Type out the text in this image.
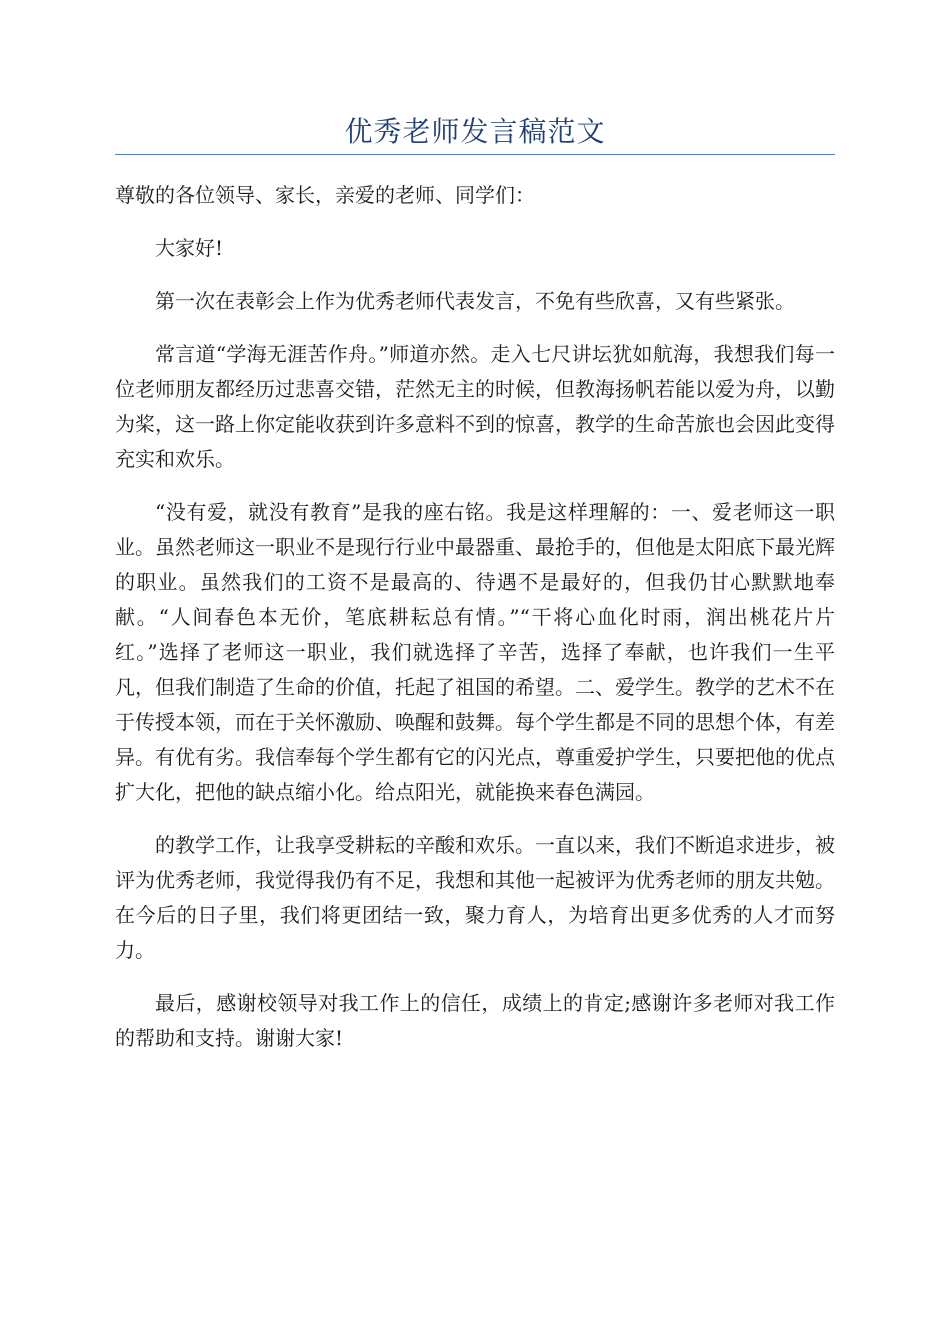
优秀老师发言稿范文

尊敬的各位领导、家长，亲爱的老师、同学们：

大家好!

第一次在表彰会上作为优秀老师代表发言，不免有些欣喜，又有些紧张。

常言道“学海无涯苦作舟。”师道亦然。走入七尺讲坛犹如航海，我想我们每一位老师朋友都经历过悲喜交错，茫然无主的时候，但教海扬帆若能以爱为舟，以勤为桨，这一路上你定能收获到许多意料不到的惊喜，教学的生命苦旅也会因此变得充实和欢乐。

“没有爱，就没有教育”是我的座右铭。我是这样理解的：一、爱老师这一职业。虽然老师这一职业不是现行行业中最器重、最抢手的，但他是太阳底下最光辉的职业。虽然我们的工资不是最高的、待遇不是最好的，但我仍甘心默默地奉献。“人间春色本无价，笔底耕耘总有情。”“干将心血化时雨，润出桃花片片红。”选择了老师这一职业，我们就选择了辛苦，选择了奉献，也许我们一生平凡，但我们制造了生命的价值，托起了祖国的希望。二、爱学生。教学的艺术不在于传授本领，而在于关怀激励、唤醒和鼓舞。每个学生都是不同的思想个体，有差异。有优有劣。我信奉每个学生都有它的闪光点，尊重爱护学生，只要把他的优点扩大化，把他的缺点缩小化。给点阳光，就能换来春色满园。

的教学工作，让我享受耕耘的辛酸和欢乐。一直以来，我们不断追求进步，被评为优秀老师，我觉得我仍有不足，我想和其他一起被评为优秀老师的朋友共勉。在今后的日子里，我们将更团结一致，聚力育人，为培育出更多优秀的人才而努力。

最后，感谢校领导对我工作上的信任，成绩上的肯定;感谢许多老师对我工作的帮助和支持。谢谢大家!
